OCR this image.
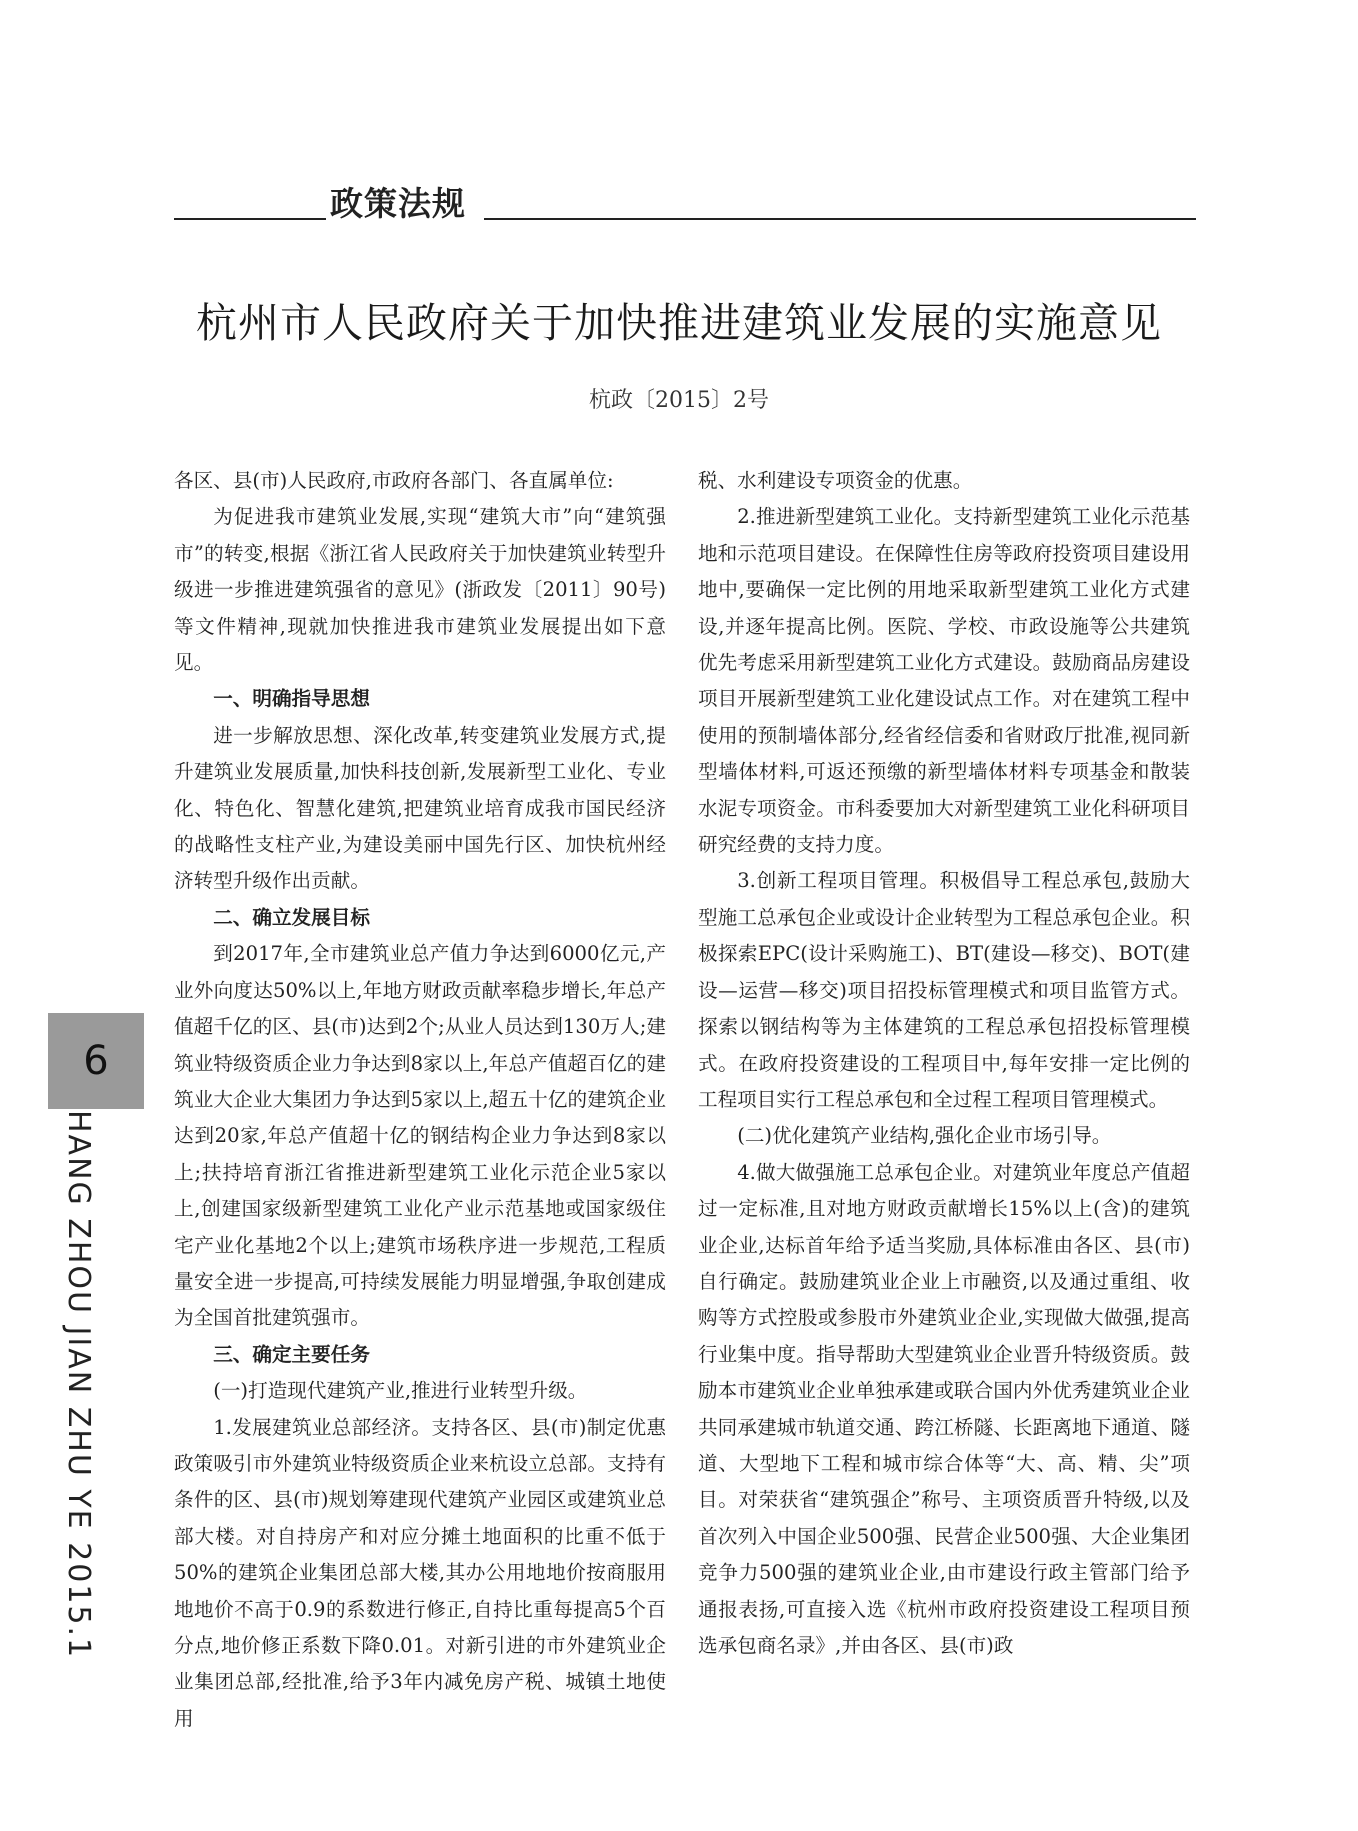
政策法规
杭州市人民政府关于加快推进建筑业发展的实施意见
杭政〔2015〕2号

各区、县(市)人民政府,市政府各部门、各直属单位:

为促进我市建筑业发展,实现“建筑大市”向“建筑强市”的转变,根据《浙江省人民政府关于加快建筑业转型升级进一步推进建筑强省的意见》(浙政发〔2011〕90号)等文件精神,现就加快推进我市建筑业发展提出如下意见。

一、明确指导思想

进一步解放思想、深化改革,转变建筑业发展方式,提升建筑业发展质量,加快科技创新,发展新型工业化、专业化、特色化、智慧化建筑,把建筑业培育成我市国民经济的战略性支柱产业,为建设美丽中国先行区、加快杭州经济转型升级作出贡献。

二、确立发展目标

到2017年,全市建筑业总产值力争达到6000亿元,产业外向度达50%以上,年地方财政贡献率稳步增长,年总产值超千亿的区、县(市)达到2个;从业人员达到130万人;建筑业特级资质企业力争达到8家以上,年总产值超百亿的建筑业大企业大集团力争达到5家以上,超五十亿的建筑企业达到20家,年总产值超十亿的钢结构企业力争达到8家以上;扶持培育浙江省推进新型建筑工业化示范企业5家以上,创建国家级新型建筑工业化产业示范基地或国家级住宅产业化基地2个以上;建筑市场秩序进一步规范,工程质量安全进一步提高,可持续发展能力明显增强,争取创建成为全国首批建筑强市。

三、确定主要任务

(一)打造现代建筑产业,推进行业转型升级。

1.发展建筑业总部经济。支持各区、县(市)制定优惠政策吸引市外建筑业特级资质企业来杭设立总部。支持有条件的区、县(市)规划筹建现代建筑产业园区或建筑业总部大楼。对自持房产和对应分摊土地面积的比重不低于50%的建筑企业集团总部大楼,其办公用地地价按商服用地地价不高于0.9的系数进行修正,自持比重每提高5个百分点,地价修正系数下降0.01。对新引进的市外建筑业企业集团总部,经批准,给予3年内减免房产税、城镇土地使用

税、水利建设专项资金的优惠。

2.推进新型建筑工业化。支持新型建筑工业化示范基地和示范项目建设。在保障性住房等政府投资项目建设用地中,要确保一定比例的用地采取新型建筑工业化方式建设,并逐年提高比例。医院、学校、市政设施等公共建筑优先考虑采用新型建筑工业化方式建设。鼓励商品房建设项目开展新型建筑工业化建设试点工作。对在建筑工程中使用的预制墙体部分,经省经信委和省财政厅批准,视同新型墙体材料,可返还预缴的新型墙体材料专项基金和散装水泥专项资金。市科委要加大对新型建筑工业化科研项目研究经费的支持力度。

3.创新工程项目管理。积极倡导工程总承包,鼓励大型施工总承包企业或设计企业转型为工程总承包企业。积极探索EPC(设计采购施工)、BT(建设—移交)、BOT(建设—运营—移交)项目招投标管理模式和项目监管方式。探索以钢结构等为主体建筑的工程总承包招投标管理模式。在政府投资建设的工程项目中,每年安排一定比例的工程项目实行工程总承包和全过程工程项目管理模式。

(二)优化建筑产业结构,强化企业市场引导。

4.做大做强施工总承包企业。对建筑业年度总产值超过一定标准,且对地方财政贡献增长15%以上(含)的建筑业企业,达标首年给予适当奖励,具体标准由各区、县(市)自行确定。鼓励建筑业企业上市融资,以及通过重组、收购等方式控股或参股市外建筑业企业,实现做大做强,提高行业集中度。指导帮助大型建筑业企业晋升特级资质。鼓励本市建筑业企业单独承建或联合国内外优秀建筑业企业共同承建城市轨道交通、跨江桥隧、长距离地下通道、隧道、大型地下工程和城市综合体等“大、高、精、尖”项目。对荣获省“建筑强企”称号、主项资质晋升特级,以及首次列入中国企业500强、民营企业500强、大企业集团竞争力500强的建筑业企业,由市建设行政主管部门给予通报表扬,可直接入选《杭州市政府投资建设工程项目预选承包商名录》,并由各区、县(市)政

6
HANG ZHOU JIAN ZHU YE 2015.1
